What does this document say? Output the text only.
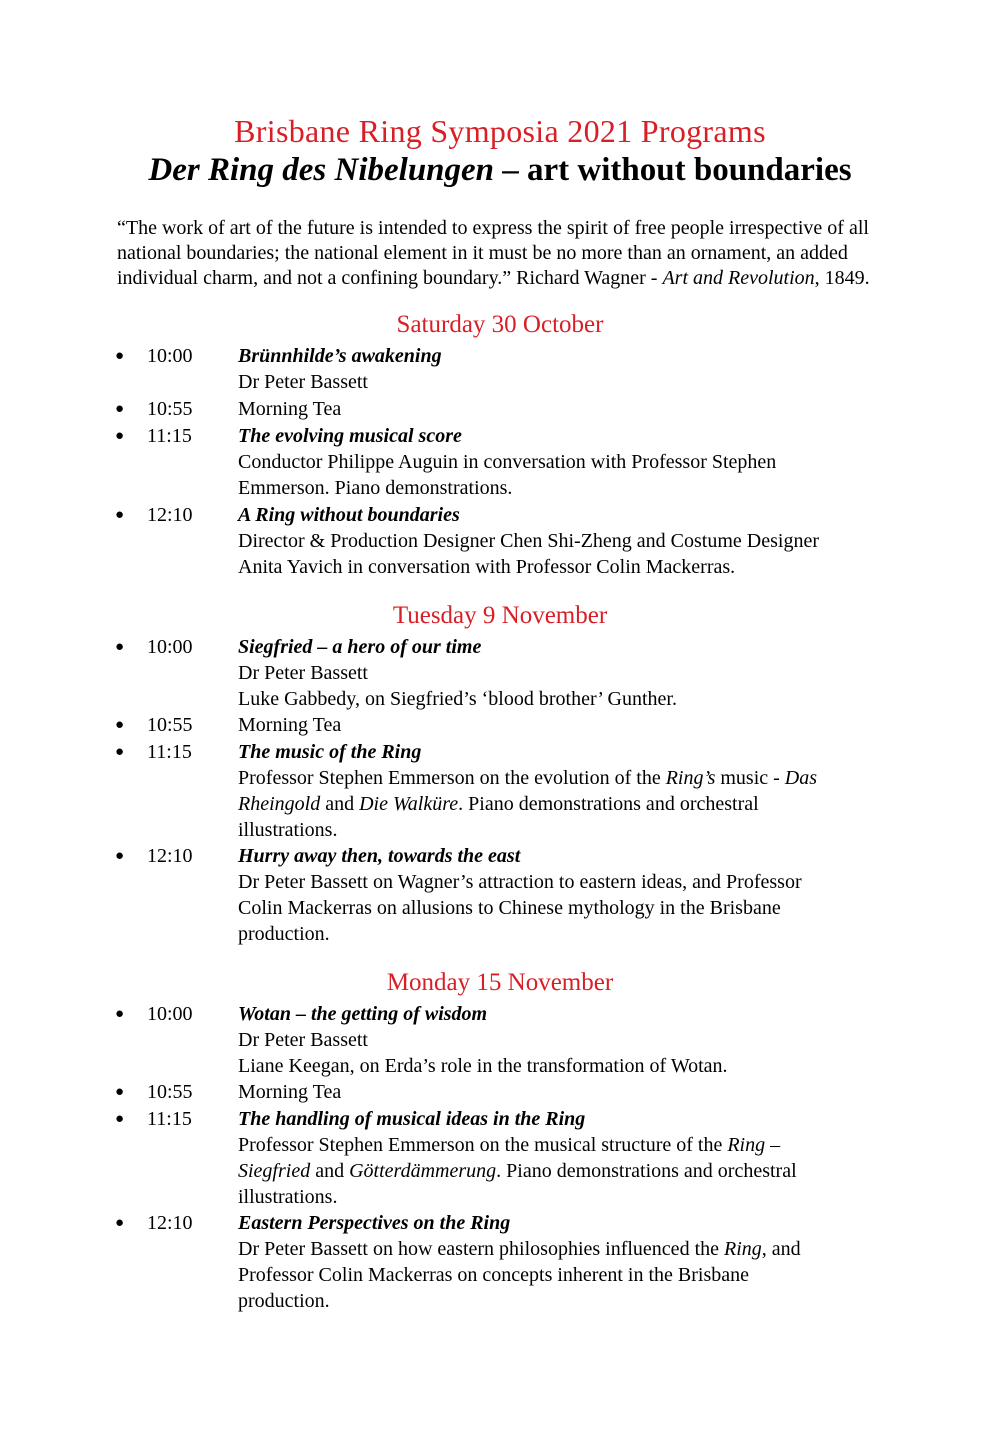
Brisbane Ring Symposia 2021 Programs
Der Ring des Nibelungen – art without boundaries
“The work of art of the future is intended to express the spirit of free people irrespective of all
national boundaries; the national element in it must be no more than an ornament, an added
individual charm, and not a confining boundary.” Richard Wagner - Art and Revolution, 1849.
Saturday 30 October
● 10:00 Brünnhilde’s awakening
Dr Peter Bassett
● 10:55 Morning Tea
● 11:15 The evolving musical score
Conductor Philippe Auguin in conversation with Professor Stephen
Emmerson. Piano demonstrations.
● 12:10 A Ring without boundaries
Director & Production Designer Chen Shi-Zheng and Costume Designer
Anita Yavich in conversation with Professor Colin Mackerras.
Tuesday 9 November
● 10:00 Siegfried – a hero of our time
Dr Peter Bassett
Luke Gabbedy, on Siegfried’s ‘blood brother’ Gunther.
● 10:55 Morning Tea
● 11:15 The music of the Ring
Professor Stephen Emmerson on the evolution of the Ring’s music - Das
Rheingold and Die Walküre. Piano demonstrations and orchestral
illustrations.
● 12:10 Hurry away then, towards the east
Dr Peter Bassett on Wagner’s attraction to eastern ideas, and Professor
Colin Mackerras on allusions to Chinese mythology in the Brisbane
production.
Monday 15 November
● 10:00 Wotan – the getting of wisdom
Dr Peter Bassett
Liane Keegan, on Erda’s role in the transformation of Wotan.
● 10:55 Morning Tea
● 11:15 The handling of musical ideas in the Ring
Professor Stephen Emmerson on the musical structure of the Ring –
Siegfried and Götterdämmerung. Piano demonstrations and orchestral
illustrations.
● 12:10 Eastern Perspectives on the Ring
Dr Peter Bassett on how eastern philosophies influenced the Ring, and
Professor Colin Mackerras on concepts inherent in the Brisbane
production.
